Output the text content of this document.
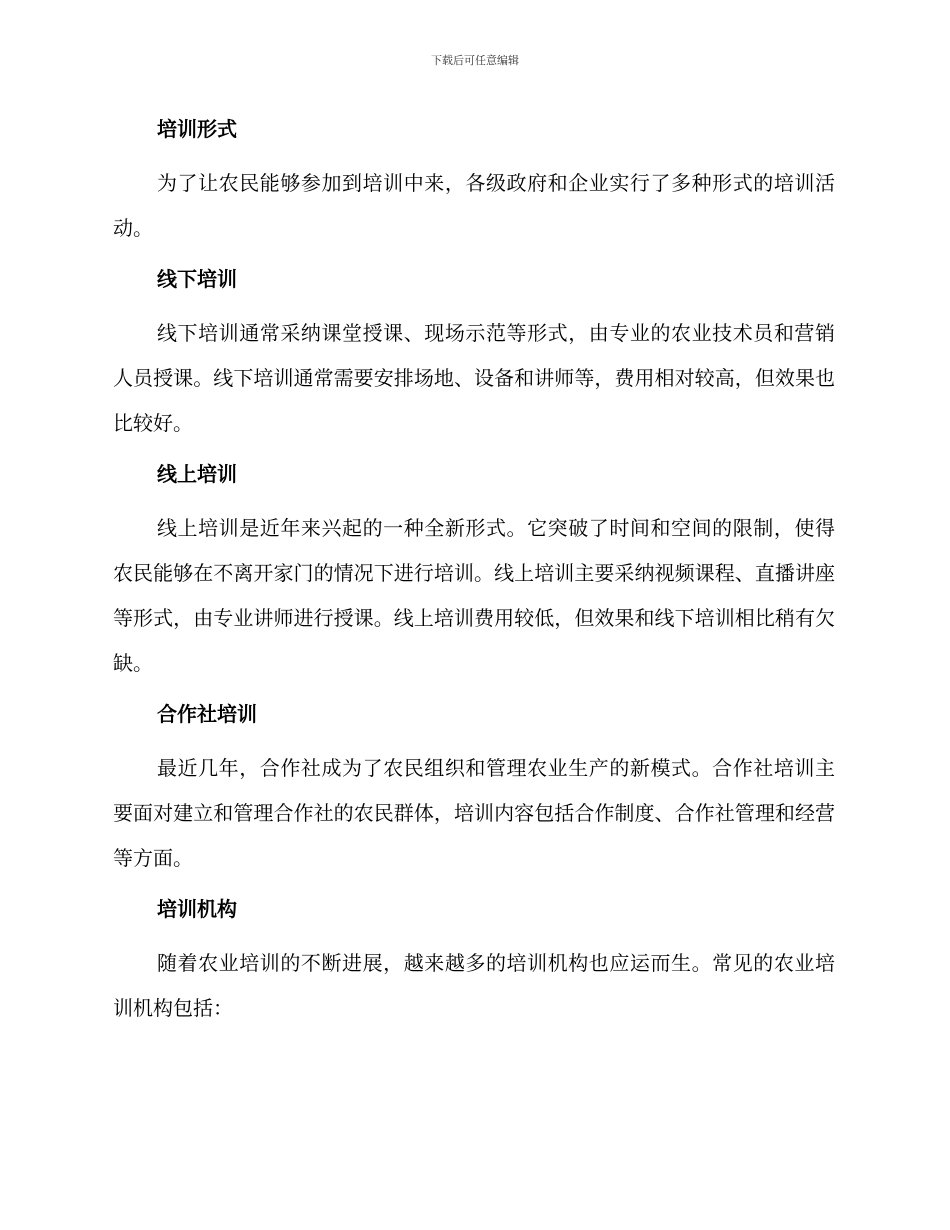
下载后可任意编辑
培训形式

为了让农民能够参加到培训中来，各级政府和企业实行了多种形式的培训活动。

线下培训

线下培训通常采纳课堂授课、现场示范等形式，由专业的农业技术员和营销人员授课。线下培训通常需要安排场地、设备和讲师等，费用相对较高，但效果也比较好。

线上培训

线上培训是近年来兴起的一种全新形式。它突破了时间和空间的限制，使得农民能够在不离开家门的情况下进行培训。线上培训主要采纳视频课程、直播讲座等形式，由专业讲师进行授课。线上培训费用较低，但效果和线下培训相比稍有欠缺。

合作社培训

最近几年，合作社成为了农民组织和管理农业生产的新模式。合作社培训主要面对建立和管理合作社的农民群体，培训内容包括合作制度、合作社管理和经营等方面。

培训机构

随着农业培训的不断进展，越来越多的培训机构也应运而生。常见的农业培训机构包括：
